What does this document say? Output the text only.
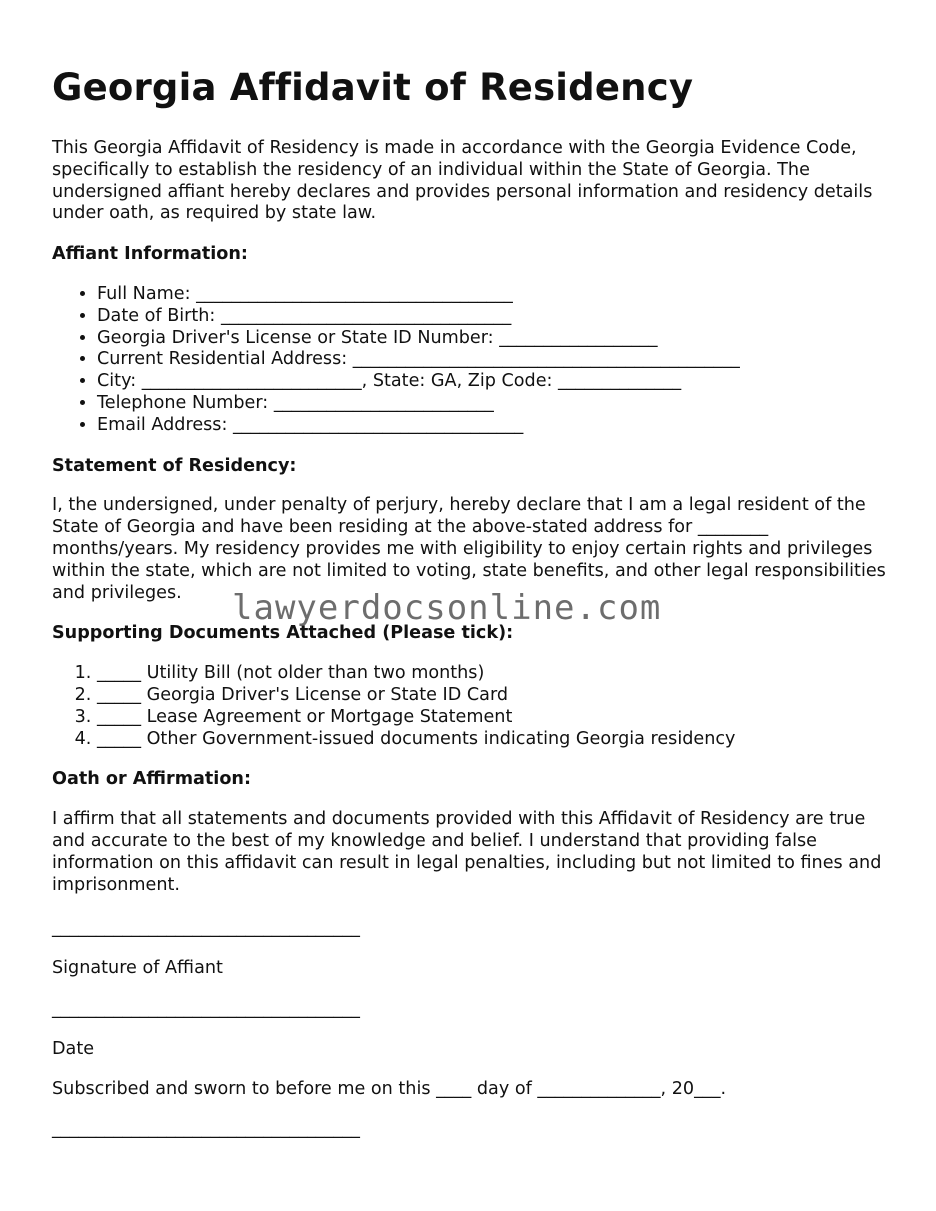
Georgia Affidavit of Residency

This Georgia Affidavit of Residency is made in accordance with the Georgia Evidence Code, specifically to establish the residency of an individual within the State of Georgia. The undersigned affiant hereby declares and provides personal information and residency details under oath, as required by state law.

Affiant Information:

• Full Name: ____________________________________
• Date of Birth: _________________________________
• Georgia Driver's License or State ID Number: __________________
• Current Residential Address: ____________________________________________
• City: _________________________, State: GA, Zip Code: ______________
• Telephone Number: _________________________
• Email Address: _________________________________

Statement of Residency:

I, the undersigned, under penalty of perjury, hereby declare that I am a legal resident of the State of Georgia and have been residing at the above-stated address for ________ months/years. My residency provides me with eligibility to enjoy certain rights and privileges within the state, which are not limited to voting, state benefits, and other legal responsibilities and privileges.

Supporting Documents Attached (Please tick):

1. _____ Utility Bill (not older than two months)
2. _____ Georgia Driver's License or State ID Card
3. _____ Lease Agreement or Mortgage Statement
4. _____ Other Government-issued documents indicating Georgia residency

Oath or Affirmation:

I affirm that all statements and documents provided with this Affidavit of Residency are true and accurate to the best of my knowledge and belief. I understand that providing false information on this affidavit can result in legal penalties, including but not limited to fines and imprisonment.

___________________________________

Signature of Affiant

___________________________________

Date

Subscribed and sworn to before me on this ____ day of ______________, 20___.

___________________________________

lawyerdocsonline.com
